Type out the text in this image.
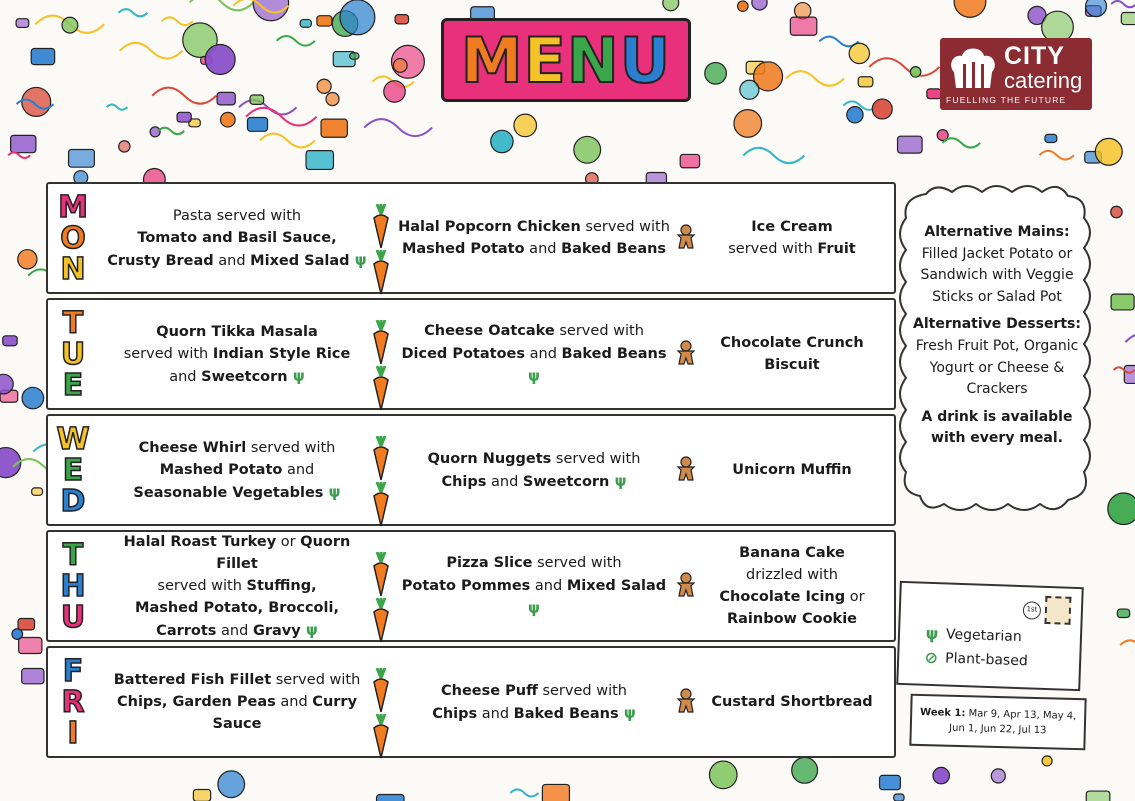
MENU	CITY
catering
FUELLING THE FUTURE
M
O
N
Pasta served with
Tomato and Basil Sauce,
Crusty Bread and Mixed Salad ψ
Halal Popcorn Chicken served with
Mashed Potato and Baked Beans
Ice Cream
served with Fruit
T
U
E
Quorn Tikka Masala
served with Indian Style Rice
and Sweetcorn ψ
Cheese Oatcake served with
Diced Potatoes and Baked Beans ψ
Chocolate Crunch Biscuit
W
E
D
Cheese Whirl served with
Mashed Potato and
Seasonable Vegetables ψ
Quorn Nuggets served with
Chips and Sweetcorn ψ
Unicorn Muffin
T
H
U
Halal Roast Turkey or Quorn Fillet
served with Stuffing,
Mashed Potato, Broccoli,
Carrots and Gravy ψ
Pizza Slice served with
Potato Pommes and Mixed Salad ψ
Banana Cake
drizzled with
Chocolate Icing or
Rainbow Cookie
F
R
I
Battered Fish Fillet served with
Chips, Garden Peas and Curry Sauce
Cheese Puff served with
Chips and Baked Beans ψ
Custard Shortbread
Alternative Mains: Filled Jacket Potato or Sandwich with Veggie Sticks or Salad Pot
Alternative Desserts: Fresh Fruit Pot, Organic Yogurt or Cheese & Crackers
A drink is available with every meal.
1st
ψ Vegetarian
⊘ Plant-based
Week 1: Mar 9, Apr 13, May 4, Jun 1, Jun 22, Jul 13
